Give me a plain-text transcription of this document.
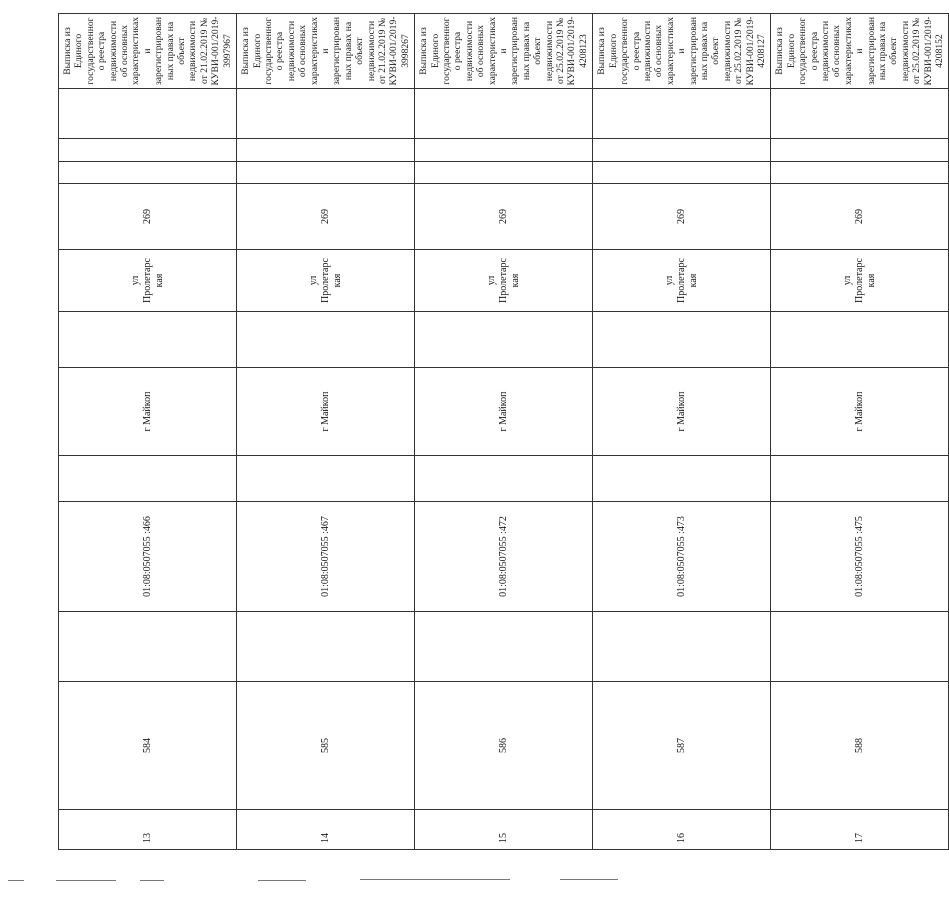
13	584		01:08:0507055 :466		г Майкоп		ул Пролетарс кая	269				Выписка из Единого государственного реестра недвижимости об основных характеристиках и зарегистрированных правах на объект недвижимости от 21.02.2019 № КУВИ-001/2019-3997967
14	585		01:08:0507055 :467		г Майкоп		ул Пролетарс кая	269				Выписка из Единого государственного реестра недвижимости об основных характеристиках и зарегистрированных правах на объект недвижимости от 21.02.2019 № КУВИ-001/2019-3998267
15	586		01:08:0507055 :472		г Майкоп		ул Пролетарс кая	269				Выписка из Единого государственного реестра недвижимости об основных характеристиках и зарегистрированных правах на объект недвижимости от 25.02.2019 № КУВИ-001/2019-4208123
16	587		01:08:0507055 :473		г Майкоп		ул Пролетарс кая	269				Выписка из Единого государственного реестра недвижимости об основных характеристиках и зарегистрированных правах на объект недвижимости от 25.02.2019 № КУВИ-001/2019-4208127
17	588		01:08:0507055 :475		г Майкоп		ул Пролетарс кая	269				Выписка из Единого государственного реестра недвижимости об основных характеристиках и зарегистрированных правах на объект недвижимости от 25.02.2019 № КУВИ-001/2019-4208152
